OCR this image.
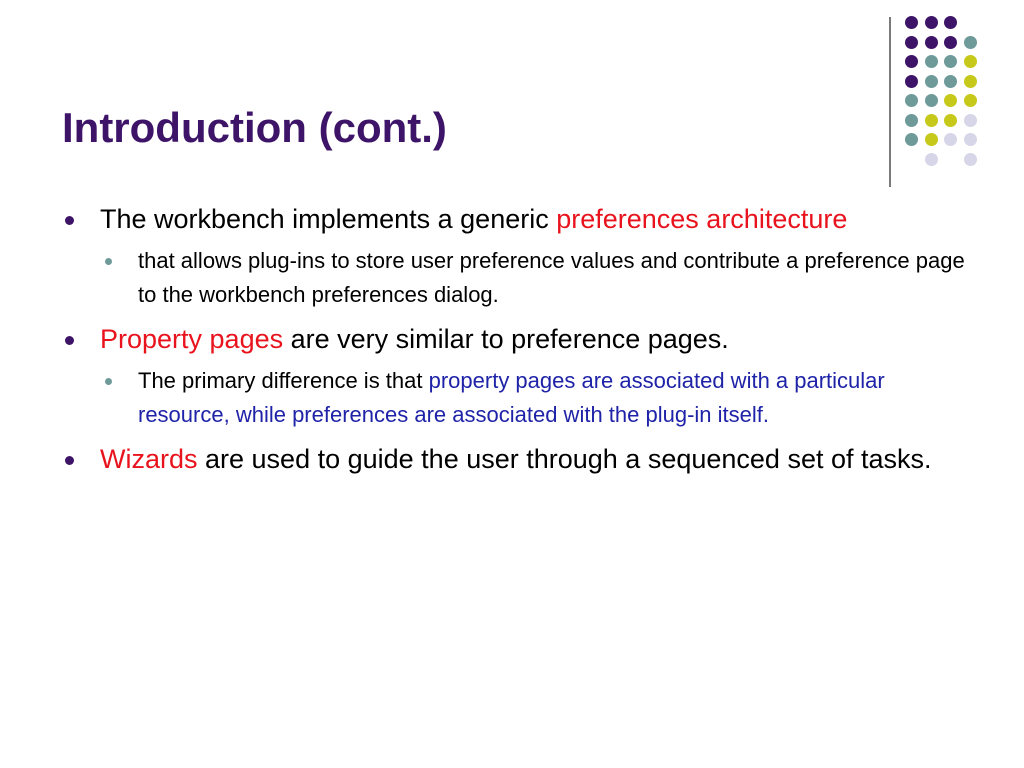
Introduction (cont.)
The workbench implements a generic preferences architecture
that allows plug-ins to store user preference values and contribute a preference page to the workbench preferences dialog.
Property pages are very similar to preference pages.
The primary difference is that property pages are associated with a particular resource, while preferences are associated with the plug-in itself.
Wizards are used to guide the user through a sequenced set of tasks.
